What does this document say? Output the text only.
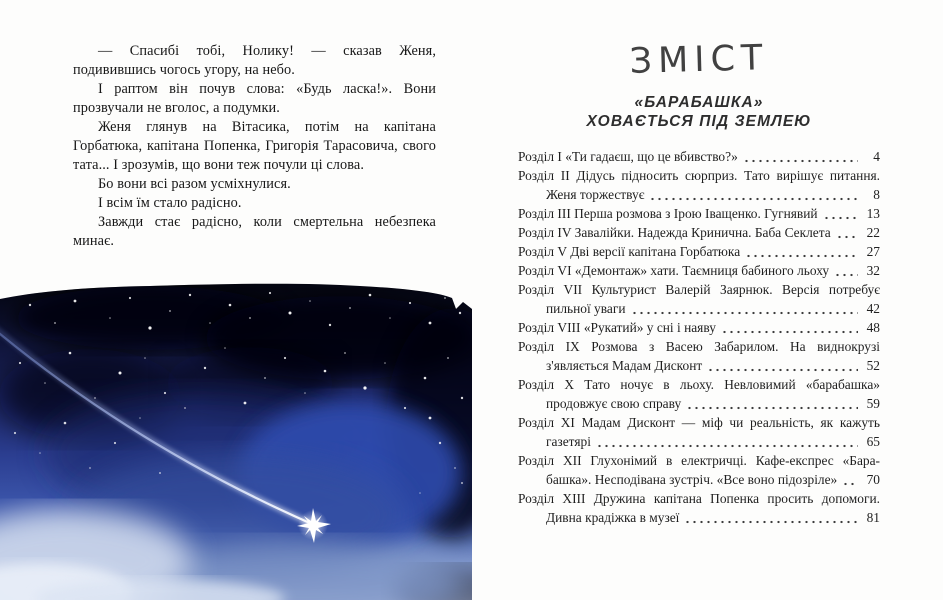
— Спасибі тобі, Нолику! — сказав Женя, подивившись чогось угору, на небо.

І раптом він почув слова: «Будь ласка!». Вони прозвучали не вголос, а подумки.

Женя глянув на Вітасика, потім на капітана Горбатюка, капітана Попенка, Григорія Тарасовича, свого тата... І зрозумів, що вони теж почули ці слова.

Бо вони всі разом усміхнулися.

І всім їм стало радісно.

Завжди стає радісно, коли смертельна небезпека минає.

ЗМІСТ
«БАРАБАШКА»
ХОВАЄТЬСЯ ПІД ЗЕМЛЕЮ
Розділ I «Ти гадаєш, що це вбивство?»	4
Розділ II Дідусь підносить сюрприз. Тато вирішує питання.
Женя торжествує	8
Розділ III Перша розмова з Ірою Іващенко. Гугнявий	13
Розділ IV Завалійки. Надежда Кринична. Баба Секлета	22
Розділ V Дві версії капітана Горбатюка	27
Розділ VI «Демонтаж» хати. Таємниця бабиного льоху	32
Розділ VII Культурист Валерій Заярнюк. Версія потребує
пильної уваги	42
Розділ VIII «Рукатий» у сні і наяву	48
Розділ IX Розмова з Васею Забарилом. На виднокрузі
з'являється Мадам Дисконт	52
Розділ X Тато ночує в льоху. Невловимий «барабашка»
продовжує свою справу	59
Розділ XI Мадам Дисконт — міф чи реальність, як кажуть
газетярі	65
Розділ XII Глухонімий в електричці. Кафе-експрес «Бара-
башка». Несподівана зустріч. «Все воно підозріле» 70
Розділ XIII Дружина капітана Попенка просить допомоги.
Дивна крадіжка в музеї	81
